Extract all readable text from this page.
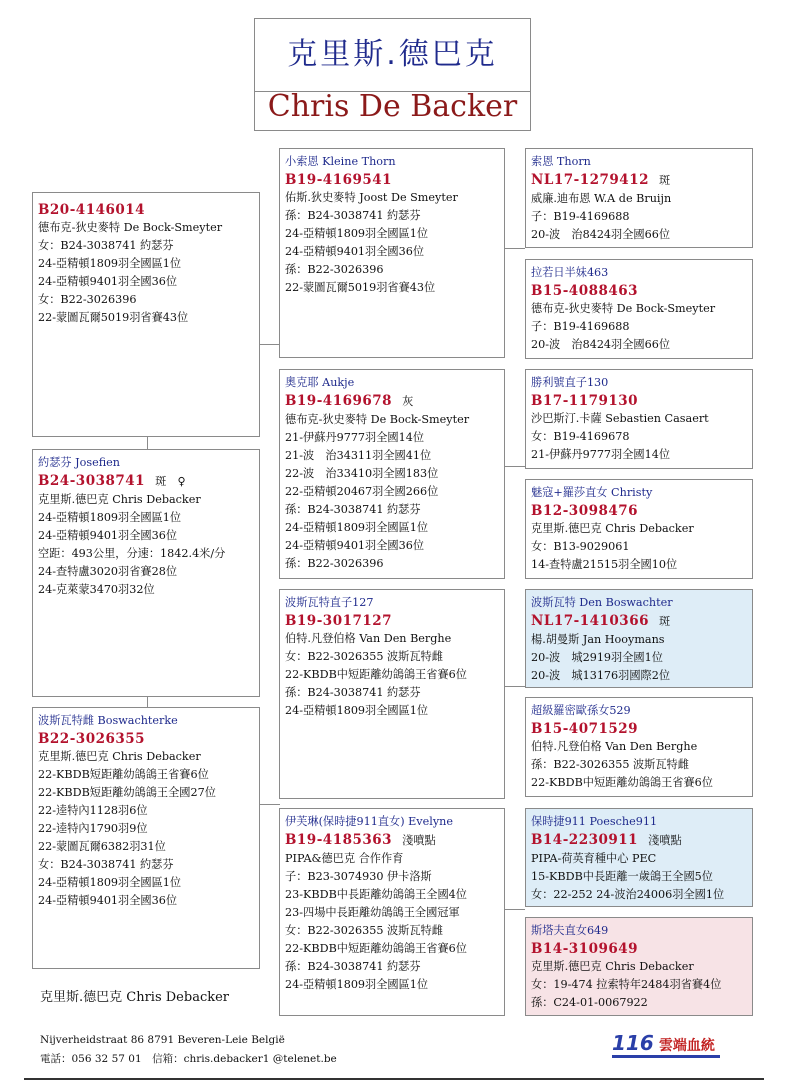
克里斯.德巴克
Chris De Backer
B20-4146014
德布克-狄史麥特 De Bock-Smeyter
女：B24-3038741 約瑟芬
24-亞精頓1809羽全國區1位
24-亞精頓9401羽全國36位
女：B22-3026396
22-蒙圖瓦爾5019羽省賽43位
約瑟芬 Josefien
B24-3038741 斑　♀
克里斯.德巴克 Chris Debacker
24-亞精頓1809羽全國區1位
24-亞精頓9401羽全國36位
空距：493公里，分速：1842.4米/分
24-查特盧3020羽省賽28位
24-克萊蒙3470羽32位
波斯瓦特雌 Boswachterke
B22-3026355
克里斯.德巴克 Chris Debacker
22-KBDB短距離幼鴿鴿王省賽6位
22-KBDB短距離幼鴿鴿王全國27位
22-逵特內1128羽6位
22-逵特內1790羽9位
22-蒙圖瓦爾6382羽31位
女：B24-3038741 約瑟芬
24-亞精頓1809羽全國區1位
24-亞精頓9401羽全國36位
小索恩 Kleine Thorn
B19-4169541
佑斯.狄史麥特 Joost De Smeyter
孫：B24-3038741 約瑟芬
24-亞精頓1809羽全國區1位
24-亞精頓9401羽全國36位
孫：B22-3026396
22-蒙圖瓦爾5019羽省賽43位
奧克耶 Aukje
B19-4169678 灰
德布克-狄史麥特 De Bock-Smeyter
21-伊蘇丹9777羽全國14位
21-波　治34311羽全國41位
22-波　治33410羽全國183位
22-亞精頓20467羽全國266位
孫：B24-3038741 約瑟芬
24-亞精頓1809羽全國區1位
24-亞精頓9401羽全國36位
孫：B22-3026396
波斯瓦特直子127
B19-3017127
伯特.凡登伯格 Van Den Berghe
女：B22-3026355 波斯瓦特雌
22-KBDB中短距離幼鴿鴿王省賽6位
孫：B24-3038741 約瑟芬
24-亞精頓1809羽全國區1位
伊芙琳(保時捷911直女) Evelyne
B19-4185363 淺噴點
PIPA&德巴克 合作作育
子：B23-3074930 伊卡洛斯
23-KBDB中長距離幼鴿鴿王全國4位
23-四場中長距離幼鴿鴿王全國冠軍
女：B22-3026355 波斯瓦特雌
22-KBDB中短距離幼鴿鴿王省賽6位
孫：B24-3038741 約瑟芬
24-亞精頓1809羽全國區1位
索恩 Thorn
NL17-1279412 斑
威廉.迪布恩 W.A de Bruijn
子：B19-4169688
20-波　治8424羽全國66位
拉若日半妹463
B15-4088463
德布克-狄史麥特 De Bock-Smeyter
子：B19-4169688
20-波　治8424羽全國66位
勝利號直子130
B17-1179130
沙巴斯汀.卡薩 Sebastien Casaert
女：B19-4169678
21-伊蘇丹9777羽全國14位
魅寇+羅莎直女 Christy
B12-3098476
克里斯.德巴克 Chris Debacker
女：B13-9029061
14-查特盧21515羽全國10位
波斯瓦特 Den Boswachter
NL17-1410366 斑
楊.胡曼斯 Jan Hooymans
20-波　城2919羽全國1位
20-波　城13176羽國際2位
超級羅密歐孫女529
B15-4071529
伯特.凡登伯格 Van Den Berghe
孫：B22-3026355 波斯瓦特雌
22-KBDB中短距離幼鴿鴿王省賽6位
保時捷911 Poesche911
B14-2230911 淺噴點
PIPA-荷英育種中心 PEC
15-KBDB中長距離一歲鴿王全國5位
女：22-252 24-波治24006羽全國1位
斯塔夫直女649
B14-3109649
克里斯.德巴克 Chris Debacker
女：19-474 拉索特年2484羽省賽4位
孫：C24-01-0067922
克里斯.德巴克 Chris Debacker
Nijverheidstraat 86 8791 Beveren-Leie België
電話：056 32 57 01　信箱：chris.debacker1 @telenet.be
116 雲端血統
